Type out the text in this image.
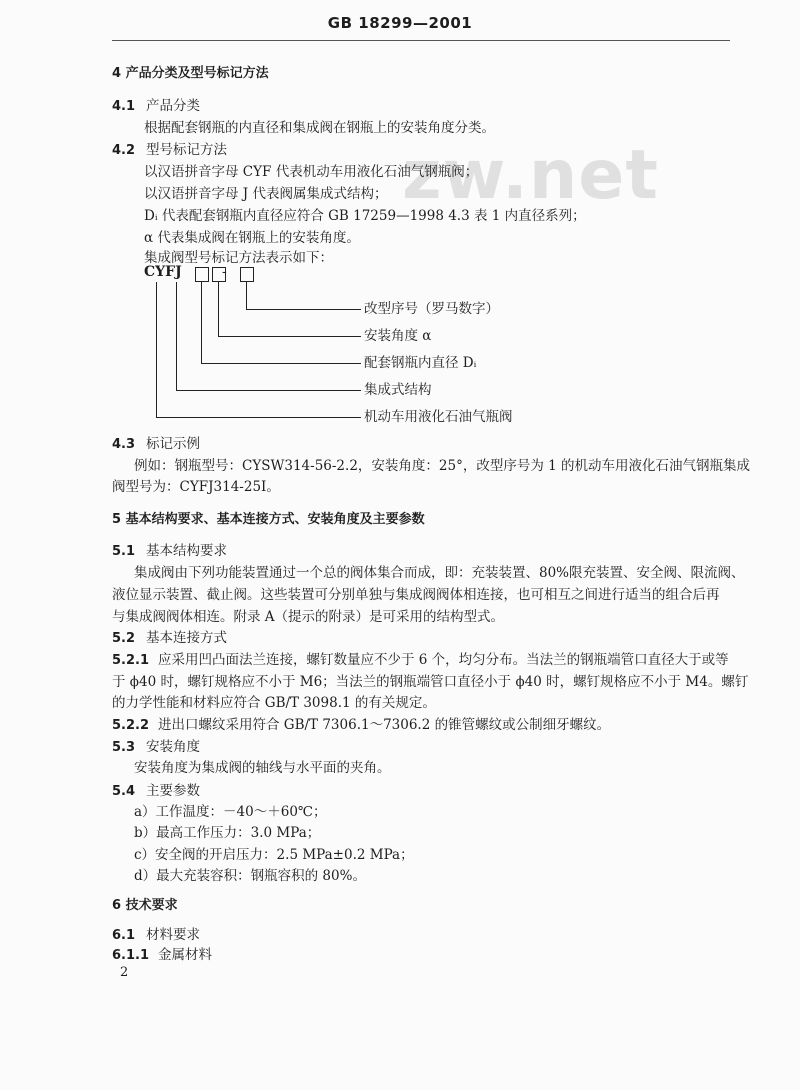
GB 18299—2001
zw.net
4 产品分类及型号标记方法
4.1 产品分类
根据配套钢瓶的内直径和集成阀在钢瓶上的安装角度分类。
4.2 型号标记方法
以汉语拼音字母 CYF 代表机动车用液化石油气钢瓶阀；
以汉语拼音字母 J 代表阀属集成式结构；
Dᵢ 代表配套钢瓶内直径应符合 GB 17259—1998 4.3 表 1 内直径系列；
α 代表集成阀在钢瓶上的安装角度。
集成阀型号标记方法表示如下：
CYFJ	-
改型序号（罗马数字）
安装角度 α
配套钢瓶内直径 Dᵢ
集成式结构
机动车用液化石油气瓶阀
4.3 标记示例
例如：钢瓶型号：CYSW314-56-2.2，安装角度：25°，改型序号为 1 的机动车用液化石油气钢瓶集成
阀型号为：CYFJ314-25Ⅰ。
5 基本结构要求、基本连接方式、安装角度及主要参数
5.1 基本结构要求
集成阀由下列功能装置通过一个总的阀体集合而成，即：充装装置、80%限充装置、安全阀、限流阀、
液位显示装置、截止阀。这些装置可分别单独与集成阀阀体相连接，也可相互之间进行适当的组合后再
与集成阀阀体相连。附录 A（提示的附录）是可采用的结构型式。
5.2 基本连接方式
5.2.1 应采用凹凸面法兰连接，螺钉数量应不少于 6 个，均匀分布。当法兰的钢瓶端管口直径大于或等
于 ϕ40 时，螺钉规格应不小于 M6；当法兰的钢瓶端管口直径小于 ϕ40 时，螺钉规格应不小于 M4。螺钉
的力学性能和材料应符合 GB/T 3098.1 的有关规定。
5.2.2 进出口螺纹采用符合 GB/T 7306.1～7306.2 的锥管螺纹或公制细牙螺纹。
5.3 安装角度
安装角度为集成阀的轴线与水平面的夹角。
5.4 主要参数
a）工作温度：－40～＋60℃；
b）最高工作压力：3.0 MPa；
c）安全阀的开启压力：2.5 MPa±0.2 MPa；
d）最大充装容积：钢瓶容积的 80%。
6 技术要求
6.1 材料要求
6.1.1 金属材料
2
